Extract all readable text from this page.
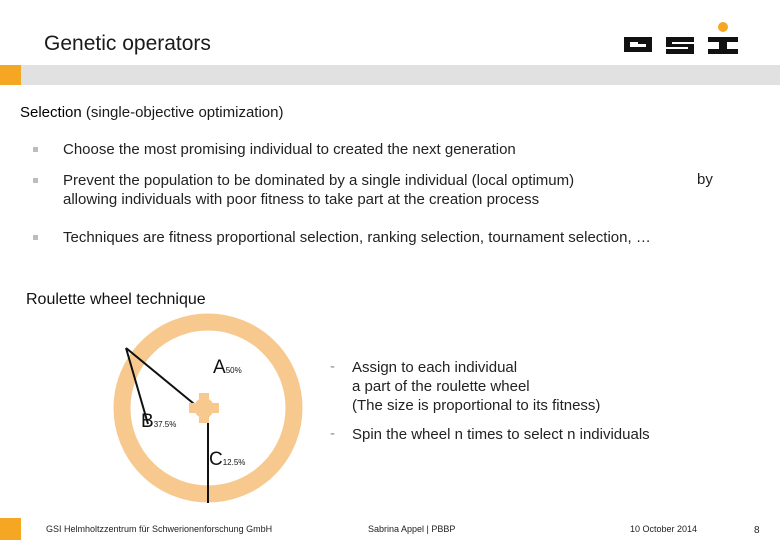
Genetic operators
Selection (single-objective optimization)
Choose the most promising individual to created the next generation
Prevent the population to be dominated by a single individual (local optimum)
allowing individuals with poor fitness to take part at the creation process
by
Techniques are fitness proportional selection, ranking selection, tournament selection, …
Roulette wheel technique
A50%
B37.5%
C12.5%
- Assign to each individual
a part of the roulette wheel
(The size is proportional to its fitness)
- Spin the wheel n times to select n individuals
GSI Helmholtzzentrum für Schwerionenforschung GmbH	Sabrina Appel | PBBP	10 October 2014	8
